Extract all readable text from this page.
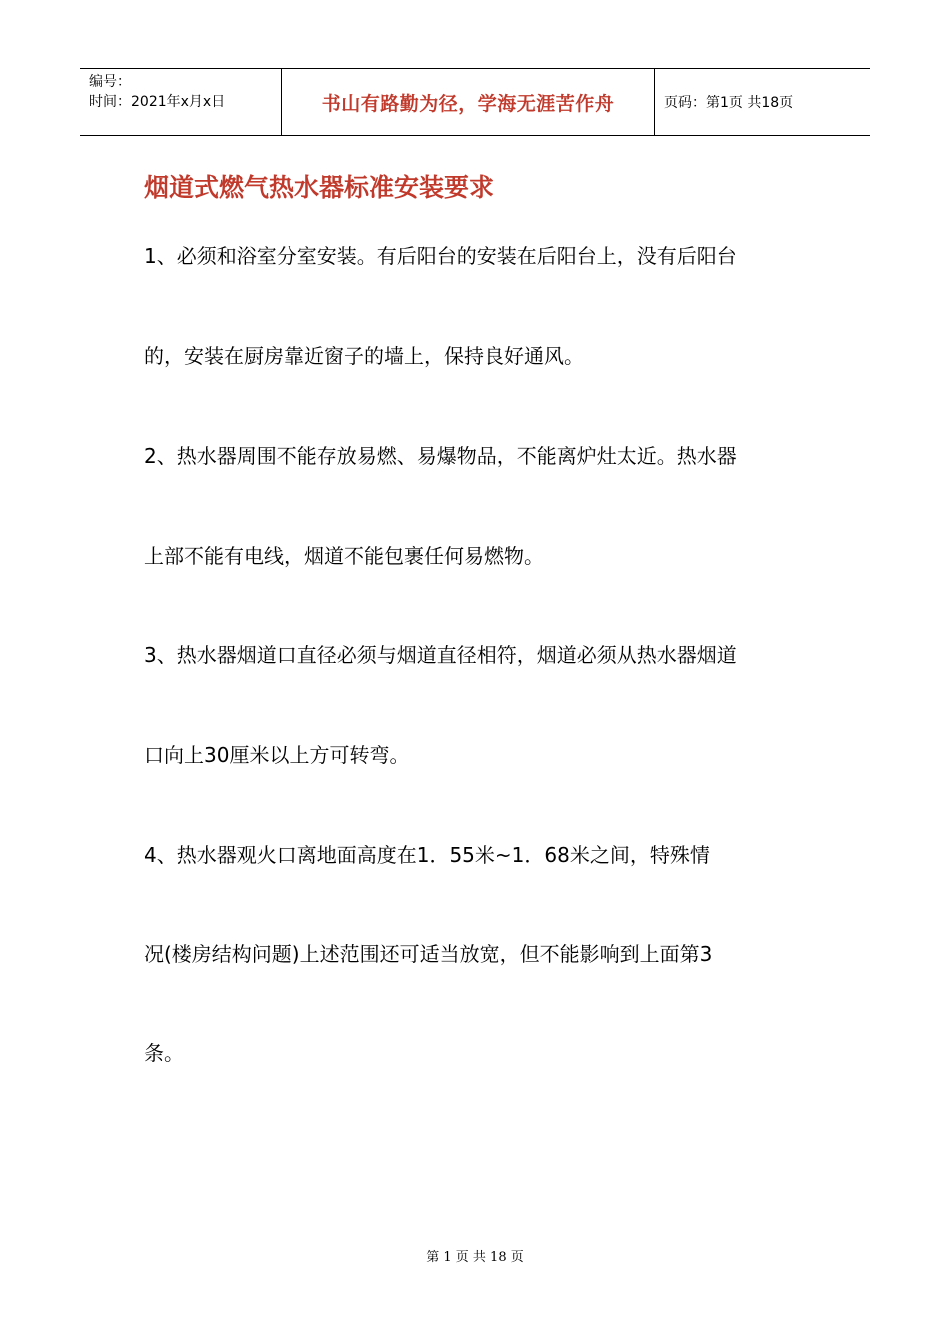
编号：
时间：2021年x月x日	书山有路勤为径，学海无涯苦作舟	页码：第1页 共18页
烟道式燃气热水器标准安装要求
1、必须和浴室分室安装。有后阳台的安装在后阳台上，没有后阳台
的，安装在厨房靠近窗子的墙上，保持良好通风。
2、热水器周围不能存放易燃、易爆物品，不能离炉灶太近。热水器
上部不能有电线，烟道不能包裹任何易燃物。
3、热水器烟道口直径必须与烟道直径相符，烟道必须从热水器烟道
口向上30厘米以上方可转弯。
4、热水器观火口离地面高度在1．55米~1．68米之间，特殊情
况(楼房结构问题)上述范围还可适当放宽，但不能影响到上面第3
条。
第 1 页 共 18 页
